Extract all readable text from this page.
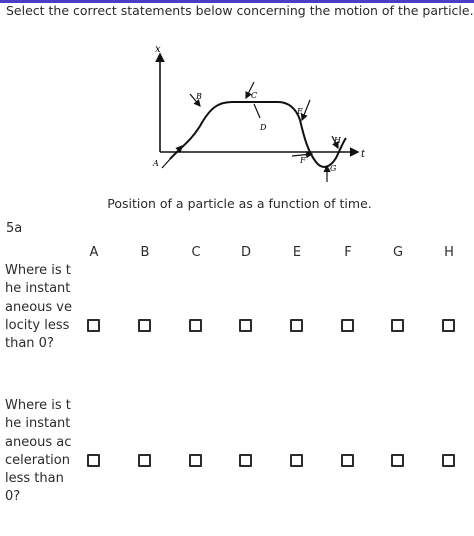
Select the correct statements below concerning the motion of the particle.
x
t
A
B	C
D
E
F
G
H
Position of a particle as a function of time.
5a
A	B	C	D	E	F	G	H
Where is the instantaneous velocity less than 0?
Where is the instantaneous acceleration less than 0?
